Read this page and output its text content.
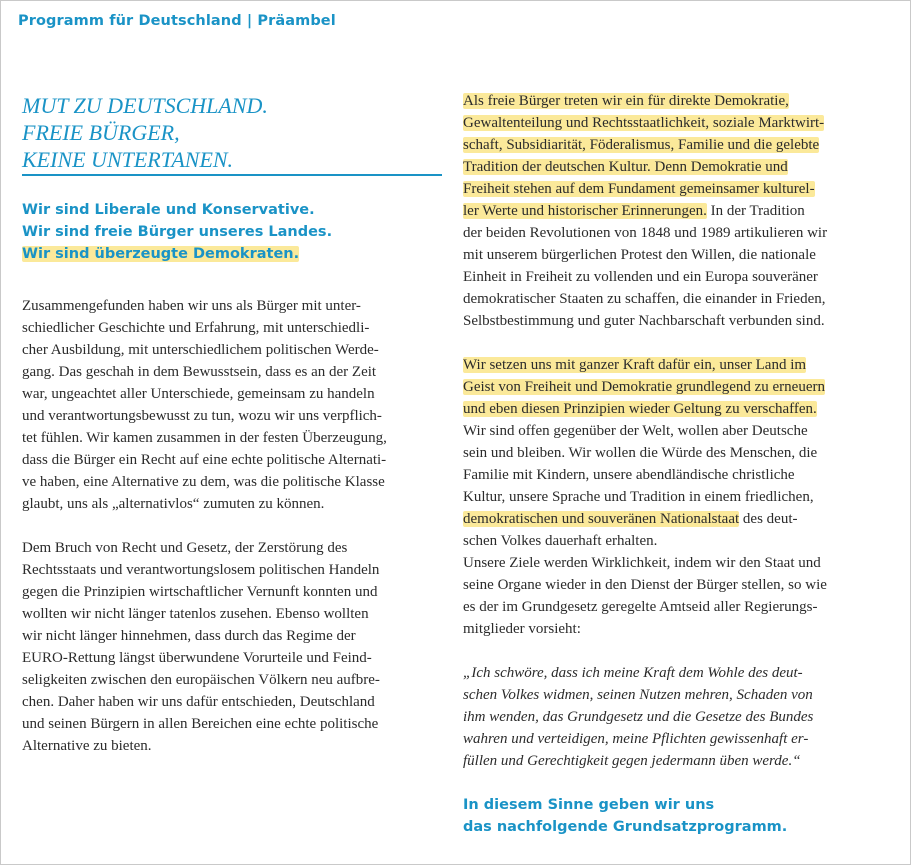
Programm für Deutschland | Präambel
MUT ZU DEUTSCHLAND.
FREIE BÜRGER,
KEINE UNTERTANEN.
Wir sind Liberale und Konservative.
Wir sind freie Bürger unseres Landes.
Wir sind überzeugte Demokraten.
Zusammengefunden haben wir uns als Bürger mit unter-
schiedlicher Geschichte und Erfahrung, mit unterschiedli-
cher Ausbildung, mit unterschiedlichem politischen Werde-
gang. Das geschah in dem Bewusstsein, dass es an der Zeit
war, ungeachtet aller Unterschiede, gemeinsam zu handeln
und verantwortungsbewusst zu tun, wozu wir uns verpflich-
tet fühlen. Wir kamen zusammen in der festen Überzeugung,
dass die Bürger ein Recht auf eine echte politische Alternati-
ve haben, eine Alternative zu dem, was die politische Klasse
glaubt, uns als „alternativlos“ zumuten zu können.
Dem Bruch von Recht und Gesetz, der Zerstörung des
Rechtsstaats und verantwortungslosem politischen Handeln
gegen die Prinzipien wirtschaftlicher Vernunft konnten und
wollten wir nicht länger tatenlos zusehen. Ebenso wollten
wir nicht länger hinnehmen, dass durch das Regime der
EURO-Rettung längst überwundene Vorurteile und Feind-
seligkeiten zwischen den europäischen Völkern neu aufbre-
chen. Daher haben wir uns dafür entschieden, Deutschland
und seinen Bürgern in allen Bereichen eine echte politische
Alternative zu bieten.
Als freie Bürger treten wir ein für direkte Demokratie,
Gewaltenteilung und Rechtsstaatlichkeit, soziale Marktwirt-
schaft, Subsidiarität, Föderalismus, Familie und die gelebte
Tradition der deutschen Kultur. Denn Demokratie und
Freiheit stehen auf dem Fundament gemeinsamer kulturel-
ler Werte und historischer Erinnerungen. In der Tradition
der beiden Revolutionen von 1848 und 1989 artikulieren wir
mit unserem bürgerlichen Protest den Willen, die nationale
Einheit in Freiheit zu vollenden und ein Europa souveräner
demokratischer Staaten zu schaffen, die einander in Frieden,
Selbstbestimmung und guter Nachbarschaft verbunden sind.
Wir setzen uns mit ganzer Kraft dafür ein, unser Land im
Geist von Freiheit und Demokratie grundlegend zu erneuern
und eben diesen Prinzipien wieder Geltung zu verschaffen.
Wir sind offen gegenüber der Welt, wollen aber Deutsche
sein und bleiben. Wir wollen die Würde des Menschen, die
Familie mit Kindern, unsere abendländische christliche
Kultur, unsere Sprache und Tradition in einem friedlichen,
demokratischen und souveränen Nationalstaat des deut-
schen Volkes dauerhaft erhalten.
Unsere Ziele werden Wirklichkeit, indem wir den Staat und
seine Organe wieder in den Dienst der Bürger stellen, so wie
es der im Grundgesetz geregelte Amtseid aller Regierungs-
mitglieder vorsieht:
„Ich schwöre, dass ich meine Kraft dem Wohle des deut-
schen Volkes widmen, seinen Nutzen mehren, Schaden von
ihm wenden, das Grundgesetz und die Gesetze des Bundes
wahren und verteidigen, meine Pflichten gewissenhaft er-
füllen und Gerechtigkeit gegen jedermann üben werde.“
In diesem Sinne geben wir uns
das nachfolgende Grundsatzprogramm.
